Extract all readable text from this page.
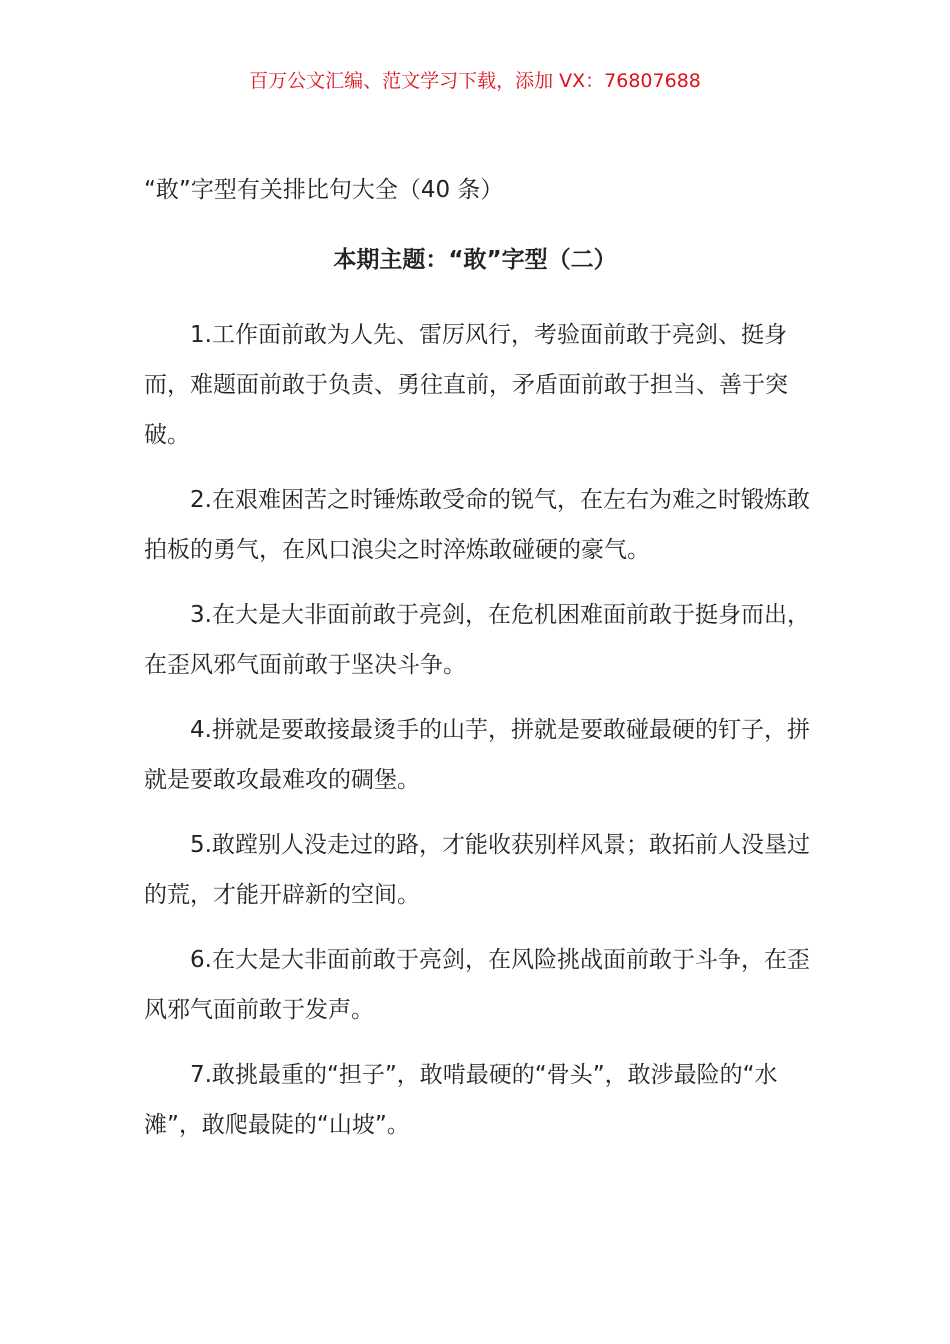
百万公文汇编、范文学习下载，添加 VX：76807688
“敢”字型有关排比句大全（40 条）
本期主题：“敢”字型（二）

1.工作面前敢为人先、雷厉风行，考验面前敢于亮剑、挺身而，难题面前敢于负责、勇往直前，矛盾面前敢于担当、善于突破。

2.在艰难困苦之时锤炼敢受命的锐气，在左右为难之时锻炼敢拍板的勇气，在风口浪尖之时淬炼敢碰硬的豪气。

3.在大是大非面前敢于亮剑，在危机困难面前敢于挺身而出，在歪风邪气面前敢于坚决斗争。

4.拼就是要敢接最烫手的山芋，拼就是要敢碰最硬的钉子，拼就是要敢攻最难攻的碉堡。

5.敢蹚别人没走过的路，才能收获别样风景；敢拓前人没垦过的荒，才能开辟新的空间。

6.在大是大非面前敢于亮剑，在风险挑战面前敢于斗争，在歪风邪气面前敢于发声。

7.敢挑最重的“担子”，敢啃最硬的“骨头”，敢涉最险的“水滩”，敢爬最陡的“山坡”。
